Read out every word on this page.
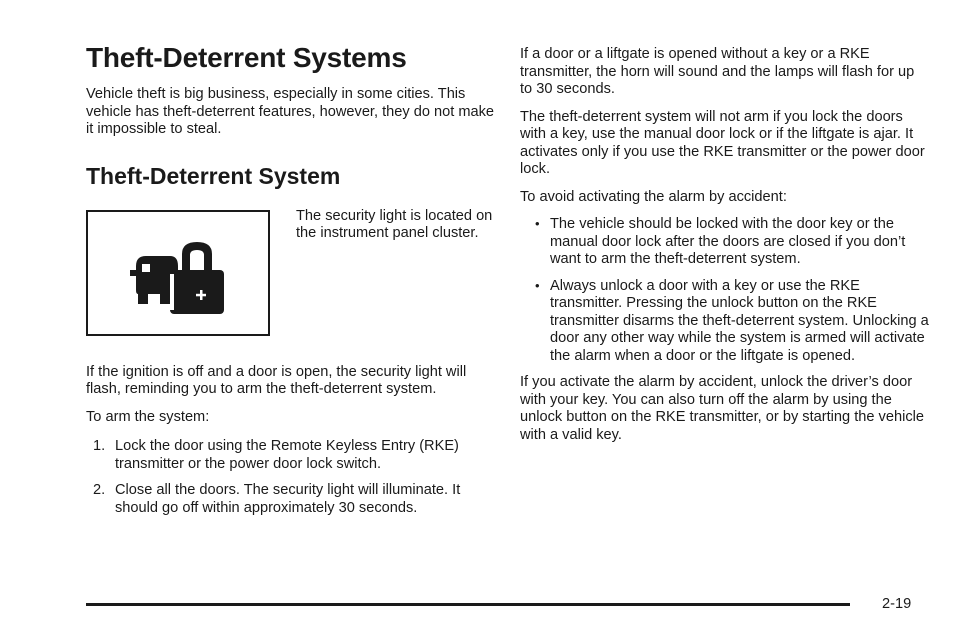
Theft-Deterrent Systems

Vehicle theft is big business, especially in some cities. This vehicle has theft-deterrent features, however, they do not make it impossible to steal.

Theft-Deterrent System

The security light is located on the instrument panel cluster.

If the ignition is off and a door is open, the security light will flash, reminding you to arm the theft-deterrent system.

To arm the system:

1. Lock the door using the Remote Keyless Entry (RKE) transmitter or the power door lock switch.
2. Close all the doors. The security light will illuminate. It should go off within approximately 30 seconds.

If a door or a liftgate is opened without a key or a RKE transmitter, the horn will sound and the lamps will flash for up to 30 seconds.

The theft-deterrent system will not arm if you lock the doors with a key, use the manual door lock or if the liftgate is ajar. It activates only if you use the RKE transmitter or the power door lock.

To avoid activating the alarm by accident:

• The vehicle should be locked with the door key or the manual door lock after the doors are closed if you don’t want to arm the theft-deterrent system.
• Always unlock a door with a key or use the RKE transmitter. Pressing the unlock button on the RKE transmitter disarms the theft-deterrent system. Unlocking a door any other way while the system is armed will activate the alarm when a door or the liftgate is opened.

If you activate the alarm by accident, unlock the driver’s door with your key. You can also turn off the alarm by using the unlock button on the RKE transmitter, or by starting the vehicle with a valid key.

2-19
